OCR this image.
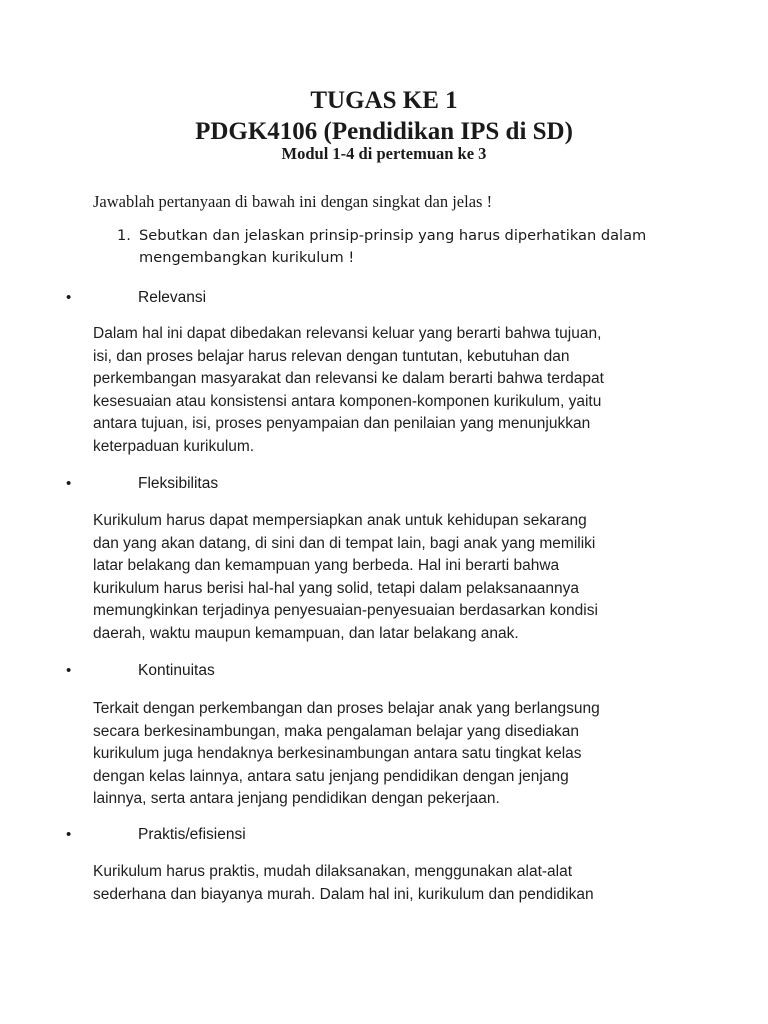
TUGAS KE 1
PDGK4106 (Pendidikan IPS di SD)
Modul 1-4 di pertemuan ke 3
Jawablah pertanyaan di bawah ini dengan singkat dan jelas !
1. Sebutkan dan jelaskan prinsip-prinsip yang harus diperhatikan dalam
mengembangkan kurikulum !
•	Relevansi
Dalam hal ini dapat dibedakan relevansi keluar yang berarti bahwa tujuan,
isi, dan proses belajar harus relevan dengan tuntutan, kebutuhan dan
perkembangan masyarakat dan relevansi ke dalam berarti bahwa terdapat
kesesuaian atau konsistensi antara komponen-komponen kurikulum, yaitu
antara tujuan, isi, proses penyampaian dan penilaian yang menunjukkan
keterpaduan kurikulum.
•	Fleksibilitas
Kurikulum harus dapat mempersiapkan anak untuk kehidupan sekarang
dan yang akan datang, di sini dan di tempat lain, bagi anak yang memiliki
latar belakang dan kemampuan yang berbeda. Hal ini berarti bahwa
kurikulum harus berisi hal-hal yang solid, tetapi dalam pelaksanaannya
memungkinkan terjadinya penyesuaian-penyesuaian berdasarkan kondisi
daerah, waktu maupun kemampuan, dan latar belakang anak.
•	Kontinuitas
Terkait dengan perkembangan dan proses belajar anak yang berlangsung
secara berkesinambungan, maka pengalaman belajar yang disediakan
kurikulum juga hendaknya berkesinambungan antara satu tingkat kelas
dengan kelas lainnya, antara satu jenjang pendidikan dengan jenjang
lainnya, serta antara jenjang pendidikan dengan pekerjaan.
•	Praktis/efisiensi
Kurikulum harus praktis, mudah dilaksanakan, menggunakan alat-alat
sederhana dan biayanya murah. Dalam hal ini, kurikulum dan pendidikan
